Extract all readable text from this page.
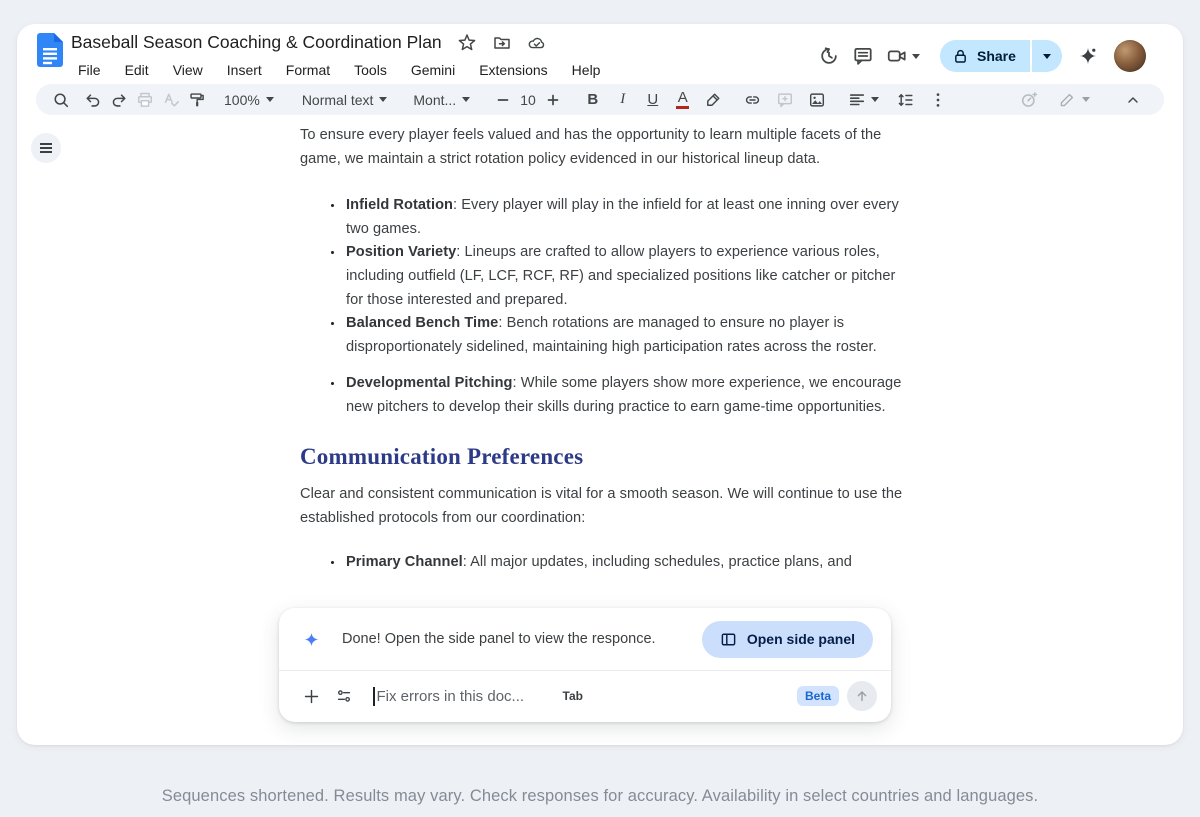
Baseball Season Coaching & Coordination Plan
File	Edit	View	Insert	Format	Tools	Gemini	Extensions	Help
Share
100%	Normal text	Mont...	10	B	I	U	A

To ensure every player feels valued and has the opportunity to learn multiple facets of the game, we maintain a strict rotation policy evidenced in our historical lineup data.

• Infield Rotation: Every player will play in the infield for at least one inning over every two games.
• Position Variety: Lineups are crafted to allow players to experience various roles, including outfield (LF, LCF, RCF, RF) and specialized positions like catcher or pitcher for those interested and prepared.
• Balanced Bench Time: Bench rotations are managed to ensure no player is disproportionately sidelined, maintaining high participation rates across the roster.
• Developmental Pitching: While some players show more experience, we encourage new pitchers to develop their skills during practice to earn game-time opportunities.
Communication Preferences

Clear and consistent communication is vital for a smooth season. We will continue to use the established protocols from our coordination:

• Primary Channel: All major updates, including schedules, practice plans, and
Done! Open the side panel to view the responce.	Open side panel
Fix errors in this doc...
Tab	Beta
Sequences shortened. Results may vary. Check responses for accuracy. Availability in select countries and languages.
